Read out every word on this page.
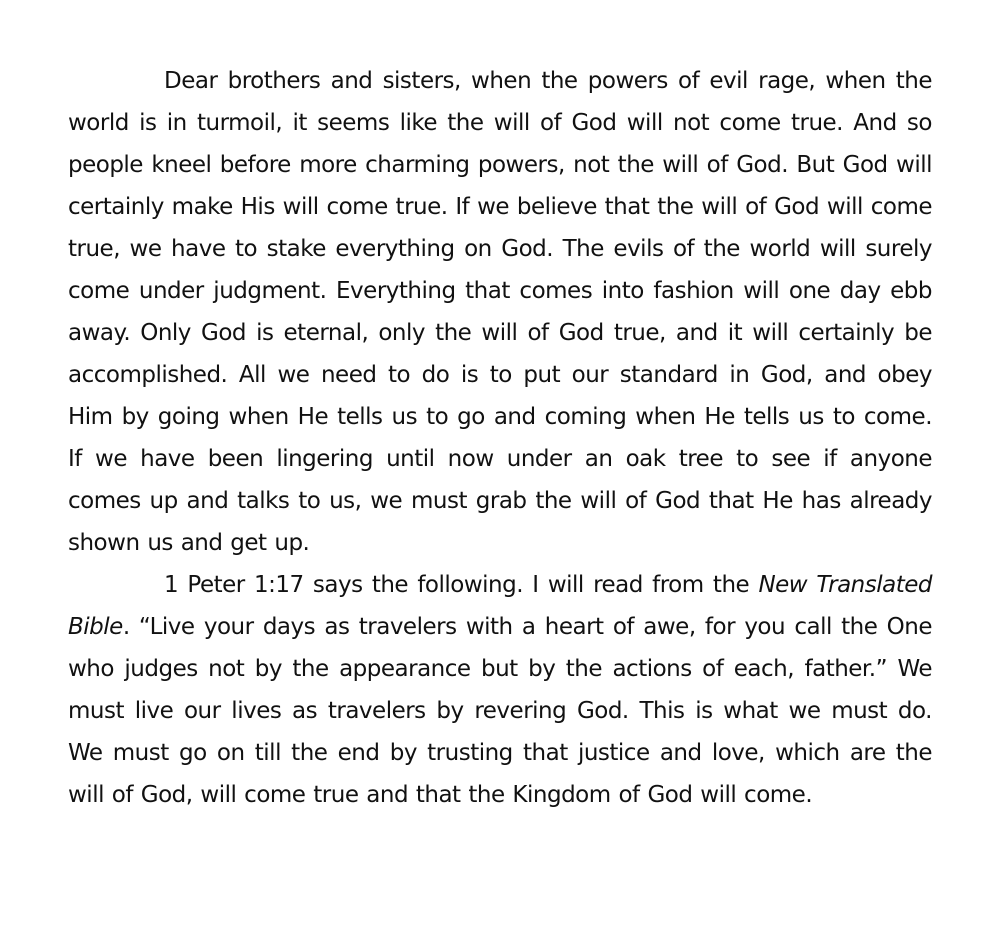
Dear brothers and sisters, when the powers of evil rage, when the world is in turmoil, it seems like the will of God will not come true. And so people kneel before more charming powers, not the will of God. But God will certainly make His will come true. If we believe that the will of God will come true, we have to stake everything on God. The evils of the world will surely come under judgment. Everything that comes into fashion will one day ebb away. Only God is eternal, only the will of God true, and it will certainly be accomplished. All we need to do is to put our standard in God, and obey Him by going when He tells us to go and coming when He tells us to come. If we have been lingering until now under an oak tree to see if anyone comes up and talks to us, we must grab the will of God that He has already shown us and get up.

1 Peter 1:17 says the following. I will read from the New Translated Bible. “Live your days as travelers with a heart of awe, for you call the One who judges not by the appearance but by the actions of each, father.” We must live our lives as travelers by revering God. This is what we must do. We must go on till the end by trusting that justice and love, which are the will of God, will come true and that the Kingdom of God will come.
